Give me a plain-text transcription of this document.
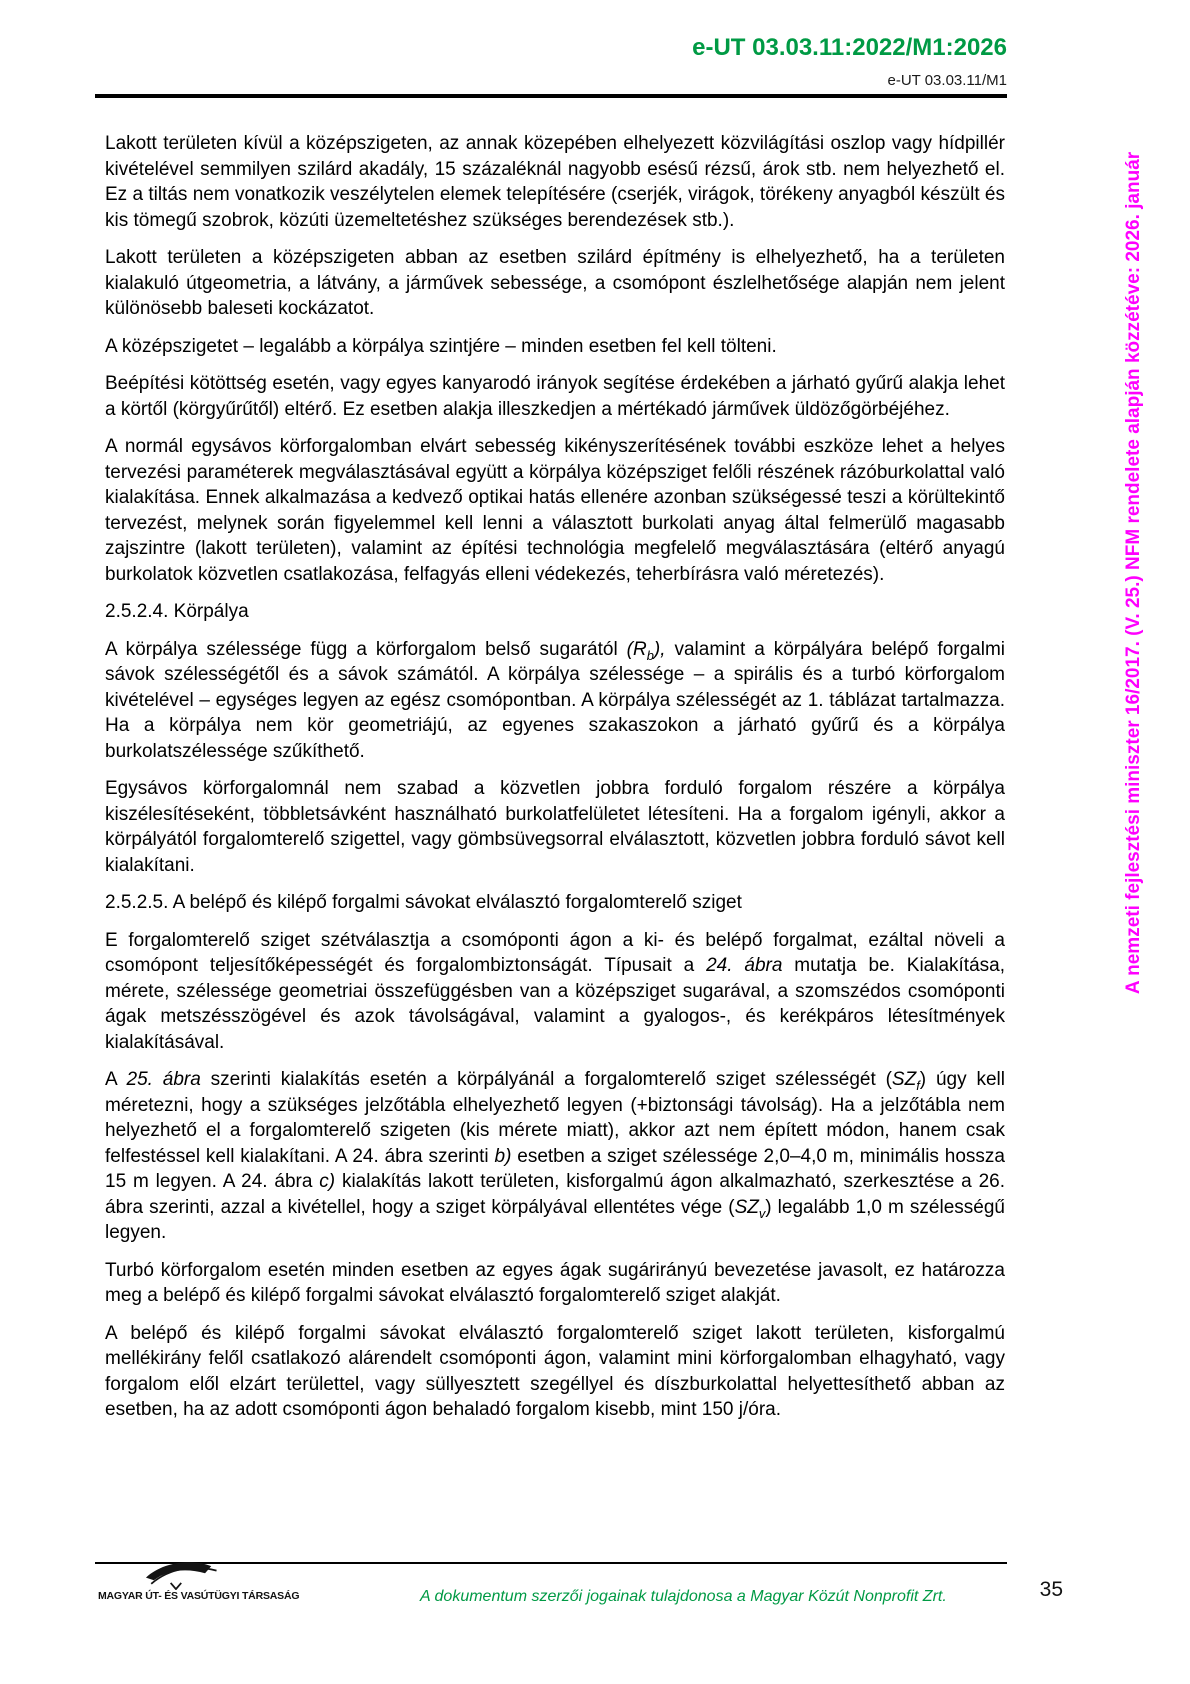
e-UT 03.03.11:2022/M1:2026
e-UT 03.03.11/M1

Lakott területen kívül a középszigeten, az annak közepében elhelyezett közvilágítási oszlop vagy hídpillér kivételével semmilyen szilárd akadály, 15 százaléknál nagyobb esésű rézsű, árok stb. nem helyezhető el. Ez a tiltás nem vonatkozik veszélytelen elemek telepítésére (cserjék, virágok, törékeny anyagból készült és kis tömegű szobrok, közúti üzemeltetéshez szükséges berendezések stb.).

Lakott területen a középszigeten abban az esetben szilárd építmény is elhelyezhető, ha a területen kialakuló útgeometria, a látvány, a járművek sebessége, a csomópont észlelhetősége alapján nem jelent különösebb baleseti kockázatot.

A középszigetet – legalább a körpálya szintjére – minden esetben fel kell tölteni.

Beépítési kötöttség esetén, vagy egyes kanyarodó irányok segítése érdekében a járható gyűrű alakja lehet a körtől (körgyűrűtől) eltérő. Ez esetben alakja illeszkedjen a mértékadó járművek üldözőgörbéjéhez.

A normál egysávos körforgalomban elvárt sebesség kikényszerítésének további eszköze lehet a helyes tervezési paraméterek megválasztásával együtt a körpálya középsziget felőli részének rázóburkolattal való kialakítása. Ennek alkalmazása a kedvező optikai hatás ellenére azonban szükségessé teszi a körültekintő tervezést, melynek során figyelemmel kell lenni a választott burkolati anyag által felmerülő magasabb zajszintre (lakott területen), valamint az építési technológia megfelelő megválasztására (eltérő anyagú burkolatok közvetlen csatlakozása, felfagyás elleni védekezés, teherbírásra való méretezés).

2.5.2.4. Körpálya

A körpálya szélessége függ a körforgalom belső sugarától $(R_b)$, valamint a körpályára belépő forgalmi sávok szélességétől és a sávok számától. A körpálya szélessége – a spirális és a turbó körforgalom kivételével – egységes legyen az egész csomópontban. A körpálya szélességét az 1. táblázat tartalmazza. Ha a körpálya nem kör geometriájú, az egyenes szakaszokon a járható gyűrű és a körpálya burkolatszélessége szűkíthető.

Egysávos körforgalomnál nem szabad a közvetlen jobbra forduló forgalom részére a körpálya kiszélesítéseként, többletsávként használható burkolatfelületet létesíteni. Ha a forgalom igényli, akkor a körpályától forgalomterelő szigettel, vagy gömbsüvegsorral elválasztott, közvetlen jobbra forduló sávot kell kialakítani.

2.5.2.5. A belépő és kilépő forgalmi sávokat elválasztó forgalomterelő sziget

E forgalomterelő sziget szétválasztja a csomóponti ágon a ki- és belépő forgalmat, ezáltal növeli a csomópont teljesítőképességét és forgalombiztonságát. Típusait a 24. ábra mutatja be. Kialakítása, mérete, szélessége geometriai összefüggésben van a középsziget sugarával, a szomszédos csomóponti ágak metszésszögével és azok távolságával, valamint a gyalogos-, és kerékpáros létesítmények kialakításával.

A 25. ábra szerinti kialakítás esetén a körpályánál a forgalomterelő sziget szélességét $(SZ_f)$ úgy kell méretezni, hogy a szükséges jelzőtábla elhelyezhető legyen (+biztonsági távolság). Ha a jelzőtábla nem helyezhető el a forgalomterelő szigeten (kis mérete miatt), akkor azt nem épített módon, hanem csak felfestéssel kell kialakítani. A 24. ábra szerinti b) esetben a sziget szélessége 2,0–4,0 m, minimális hossza 15 m legyen. A 24. ábra c) kialakítás lakott területen, kisforgalmú ágon alkalmazható, szerkesztése a 26. ábra szerinti, azzal a kivétellel, hogy a sziget körpályával ellentétes vége $(SZ_v)$ legalább 1,0 m szélességű legyen.

Turbó körforgalom esetén minden esetben az egyes ágak sugárirányú bevezetése javasolt, ez határozza meg a belépő és kilépő forgalmi sávokat elválasztó forgalomterelő sziget alakját.

A belépő és kilépő forgalmi sávokat elválasztó forgalomterelő sziget lakott területen, kisforgalmú mellékirány felől csatlakozó alárendelt csomóponti ágon, valamint mini körforgalomban elhagyható, vagy forgalom elől elzárt területtel, vagy süllyesztett szegéllyel és díszburkolattal helyettesíthető abban az esetben, ha az adott csomóponti ágon behaladó forgalom kisebb, mint 150 j/óra.

A nemzeti fejlesztési miniszter 16/2017. (V. 25.) NFM rendelete alapján közzétéve: 2026. január
MAGYAR ÚT- ÉS VASÚTÜGYI TÁRSASÁG	A dokumentum szerzői jogainak tulajdonosa a Magyar Közút Nonprofit Zrt.	35
